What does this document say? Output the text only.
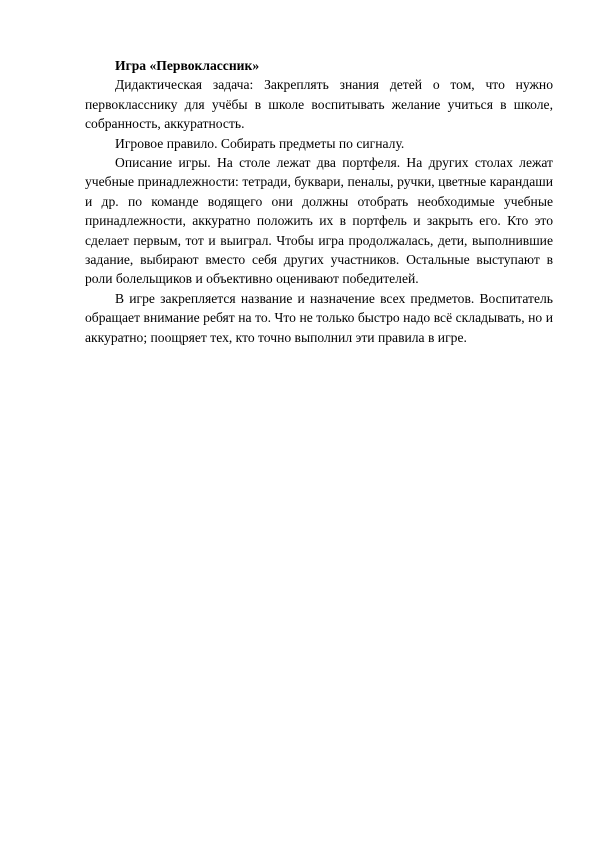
Игра «Первоклассник»

Дидактическая задача: Закреплять знания детей о том, что нужно первокласснику для учёбы в школе воспитывать желание учиться в школе, собранность, аккуратность.

Игровое правило. Собирать предметы по сигналу.

Описание игры. На столе лежат два портфеля. На других столах лежат учебные принадлежности: тетради, буквари, пеналы, ручки, цветные карандаши и др. по команде водящего они должны отобрать необходимые учебные принадлежности, аккуратно положить их в портфель и закрыть его. Кто это сделает первым, тот и выиграл. Чтобы игра продолжалась, дети, выполнившие задание, выбирают вместо себя других участников. Остальные выступают в роли болельщиков и объективно оценивают победителей.

В игре закрепляется название и назначение всех предметов. Воспитатель обращает внимание ребят на то. Что не только быстро надо всё складывать, но и аккуратно; поощряет тех, кто точно выполнил эти правила в игре.
